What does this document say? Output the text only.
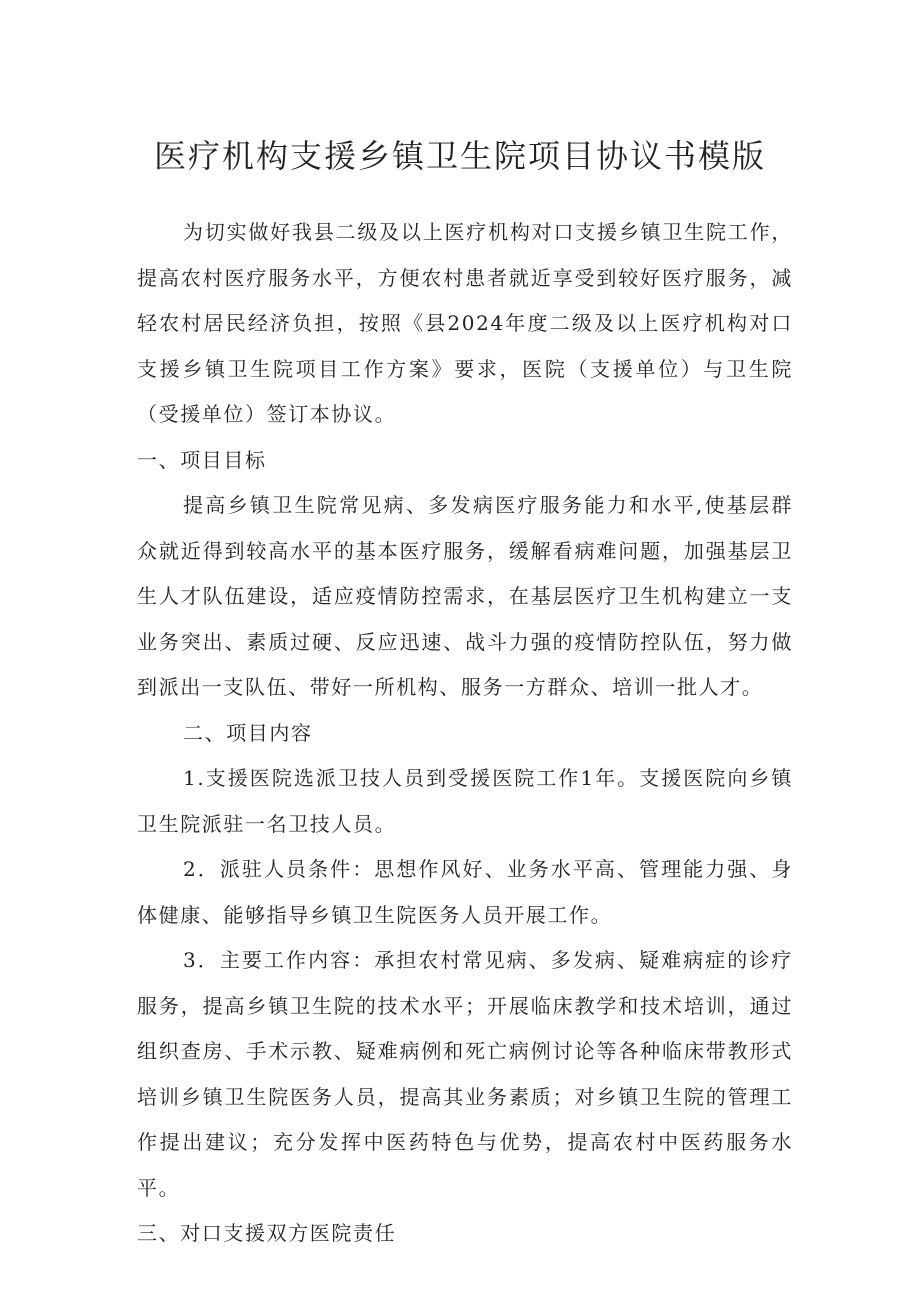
医疗机构支援乡镇卫生院项目协议书模版

为切实做好我县二级及以上医疗机构对口支援乡镇卫生院工作，提高农村医疗服务水平，方便农村患者就近享受到较好医疗服务，减轻农村居民经济负担，按照《县2024年度二级及以上医疗机构对口支援乡镇卫生院项目工作方案》要求，医院（支援单位）与卫生院（受援单位）签订本协议。

一、项目目标

提高乡镇卫生院常见病、多发病医疗服务能力和水平,使基层群众就近得到较高水平的基本医疗服务，缓解看病难问题，加强基层卫生人才队伍建设，适应疫情防控需求，在基层医疗卫生机构建立一支业务突出、素质过硬、反应迅速、战斗力强的疫情防控队伍，努力做到派出一支队伍、带好一所机构、服务一方群众、培训一批人才。

二、项目内容

1.支援医院选派卫技人员到受援医院工作1年。支援医院向乡镇卫生院派驻一名卫技人员。

2．派驻人员条件：思想作风好、业务水平高、管理能力强、身体健康、能够指导乡镇卫生院医务人员开展工作。

3．主要工作内容：承担农村常见病、多发病、疑难病症的诊疗服务，提高乡镇卫生院的技术水平；开展临床教学和技术培训，通过组织查房、手术示教、疑难病例和死亡病例讨论等各种临床带教形式培训乡镇卫生院医务人员，提高其业务素质；对乡镇卫生院的管理工作提出建议；充分发挥中医药特色与优势，提高农村中医药服务水平。

三、对口支援双方医院责任
